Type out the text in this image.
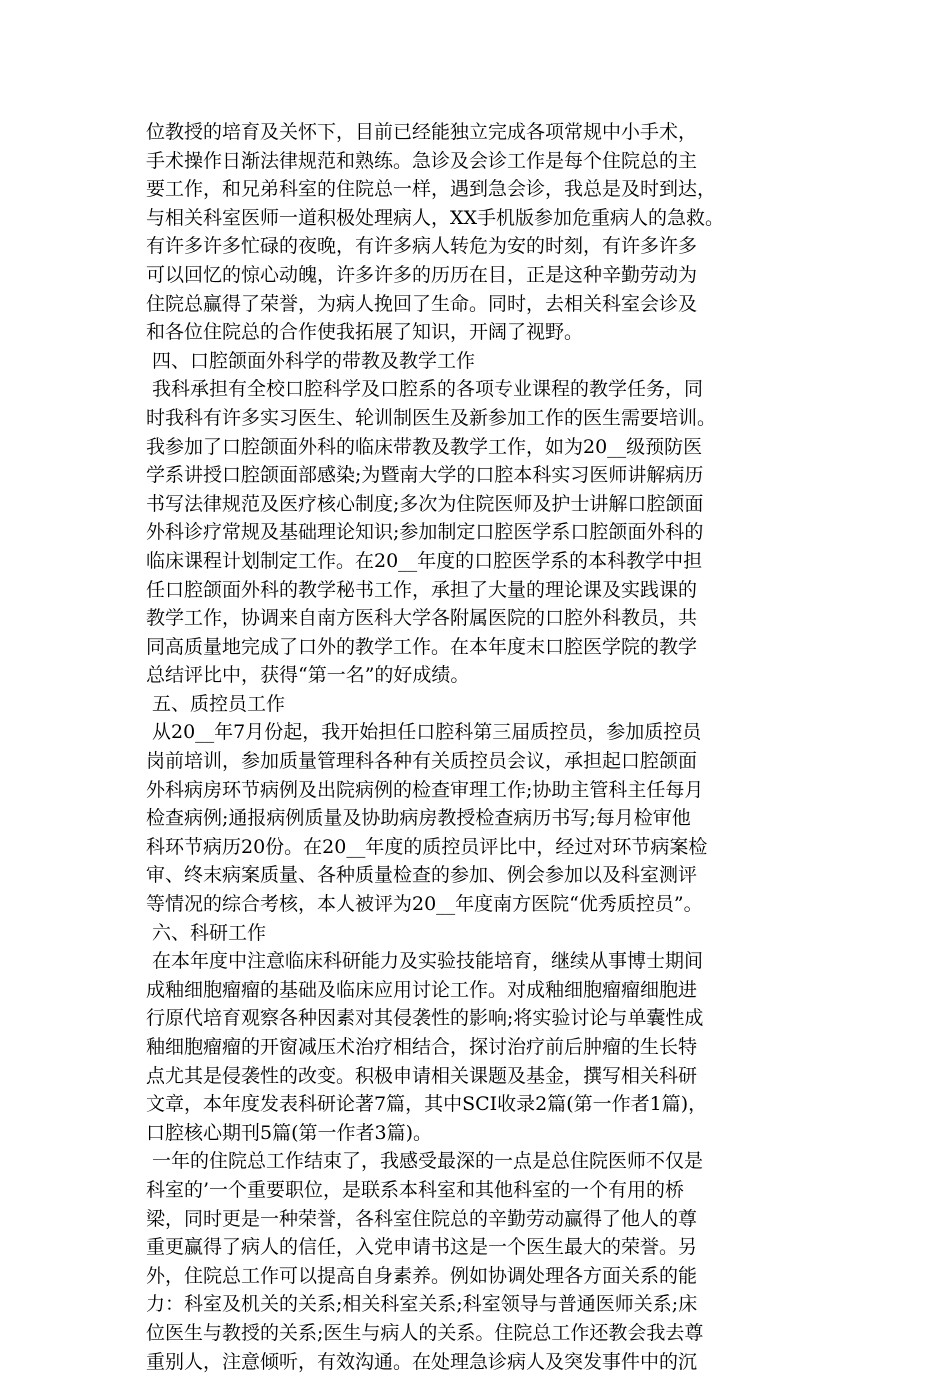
位教授的培育及关怀下，目前已经能独立完成各项常规中小手术，
手术操作日渐法律规范和熟练。急诊及会诊工作是每个住院总的主
要工作，和兄弟科室的住院总一样，遇到急会诊，我总是及时到达，
与相关科室医师一道积极处理病人，XX手机版参加危重病人的急救。
有许多许多忙碌的夜晚，有许多病人转危为安的时刻，有许多许多
可以回忆的惊心动魄，许多许多的历历在目，正是这种辛勤劳动为
住院总赢得了荣誉，为病人挽回了生命。同时，去相关科室会诊及
和各位住院总的合作使我拓展了知识，开阔了视野。
四、口腔颌面外科学的带教及教学工作
我科承担有全校口腔科学及口腔系的各项专业课程的教学任务，同
时我科有许多实习医生、轮训制医生及新参加工作的医生需要培训。
我参加了口腔颌面外科的临床带教及教学工作，如为20__级预防医
学系讲授口腔颌面部感染;为暨南大学的口腔本科实习医师讲解病历
书写法律规范及医疗核心制度;多次为住院医师及护士讲解口腔颌面
外科诊疗常规及基础理论知识;参加制定口腔医学系口腔颌面外科的
临床课程计划制定工作。在20__年度的口腔医学系的本科教学中担
任口腔颌面外科的教学秘书工作，承担了大量的理论课及实践课的
教学工作，协调来自南方医科大学各附属医院的口腔外科教员，共
同高质量地完成了口外的教学工作。在本年度末口腔医学院的教学
总结评比中，获得“第一名”的好成绩。
五、质控员工作
从20__年7月份起，我开始担任口腔科第三届质控员，参加质控员
岗前培训，参加质量管理科各种有关质控员会议，承担起口腔颌面
外科病房环节病例及出院病例的检查审理工作;协助主管科主任每月
检查病例;通报病例质量及协助病房教授检查病历书写;每月检审他
科环节病历20份。在20__年度的质控员评比中，经过对环节病案检
审、终末病案质量、各种质量检查的参加、例会参加以及科室测评
等情况的综合考核，本人被评为20__年度南方医院“优秀质控员”。
六、科研工作
在本年度中注意临床科研能力及实验技能培育，继续从事博士期间
成釉细胞瘤瘤的基础及临床应用讨论工作。对成釉细胞瘤瘤细胞进
行原代培育观察各种因素对其侵袭性的影响;将实验讨论与单囊性成
釉细胞瘤瘤的开窗减压术治疗相结合，探讨治疗前后肿瘤的生长特
点尤其是侵袭性的改变。积极申请相关课题及基金，撰写相关科研
文章，本年度发表科研论著7篇，其中SCI收录2篇(第一作者1篇)，
口腔核心期刊5篇(第一作者3篇)。
一年的住院总工作结束了，我感受最深的一点是总住院医师不仅是
科室的’一个重要职位，是联系本科室和其他科室的一个有用的桥
梁，同时更是一种荣誉，各科室住院总的辛勤劳动赢得了他人的尊
重更赢得了病人的信任，入党申请书这是一个医生最大的荣誉。另
外，住院总工作可以提高自身素养。例如协调处理各方面关系的能
力：科室及机关的关系;相关科室关系;科室领导与普通医师关系;床
位医生与教授的关系;医生与病人的关系。住院总工作还教会我去尊
重别人，注意倾听，有效沟通。在处理急诊病人及突发事件中的沉
